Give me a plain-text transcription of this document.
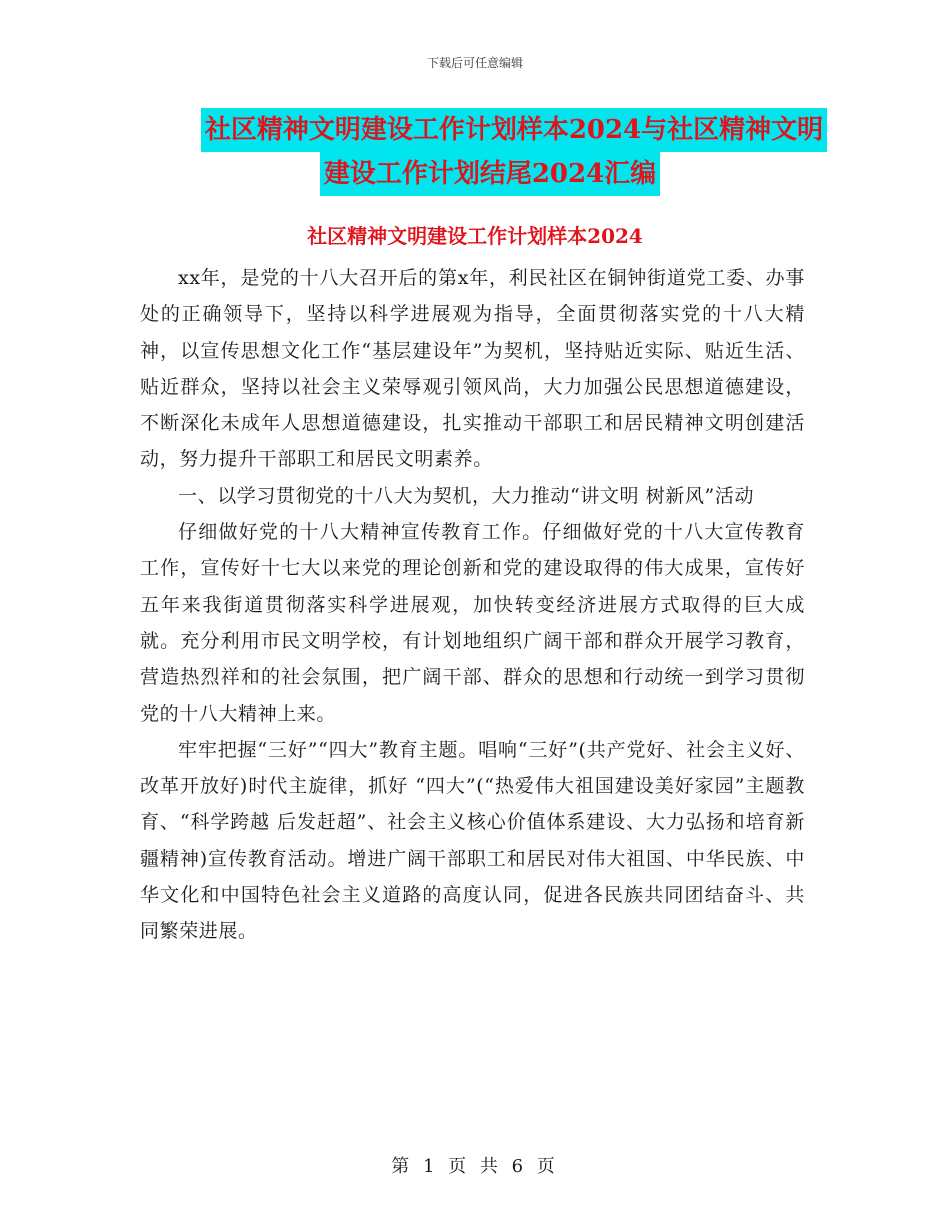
下载后可任意编辑
社区精神文明建设工作计划样本2024与社区精神文明
建设工作计划结尾2024汇编
社区精神文明建设工作计划样本2024

xx年，是党的十八大召开后的第x年，利民社区在铜钟街道党工委、办事处的正确领导下，坚持以科学进展观为指导，全面贯彻落实党的十八大精神，以宣传思想文化工作“基层建设年”为契机，坚持贴近实际、贴近生活、贴近群众，坚持以社会主义荣辱观引领风尚，大力加强公民思想道德建设，不断深化未成年人思想道德建设，扎实推动干部职工和居民精神文明创建活动，努力提升干部职工和居民文明素养。

一、以学习贯彻党的十八大为契机，大力推动“讲文明 树新风”活动

仔细做好党的十八大精神宣传教育工作。仔细做好党的十八大宣传教育工作，宣传好十七大以来党的理论创新和党的建设取得的伟大成果，宣传好五年来我街道贯彻落实科学进展观，加快转变经济进展方式取得的巨大成就。充分利用市民文明学校，有计划地组织广阔干部和群众开展学习教育，营造热烈祥和的社会氛围，把广阔干部、群众的思想和行动统一到学习贯彻党的十八大精神上来。

牢牢把握“三好”“四大”教育主题。唱响“三好”(共产党好、社会主义好、改革开放好)时代主旋律，抓好 “四大”(“热爱伟大祖国建设美好家园”主题教育、“科学跨越 后发赶超”、社会主义核心价值体系建设、大力弘扬和培育新疆精神)宣传教育活动。增进广阔干部职工和居民对伟大祖国、中华民族、中华文化和中国特色社会主义道路的高度认同，促进各民族共同团结奋斗、共同繁荣进展。

第 1 页 共 6 页
